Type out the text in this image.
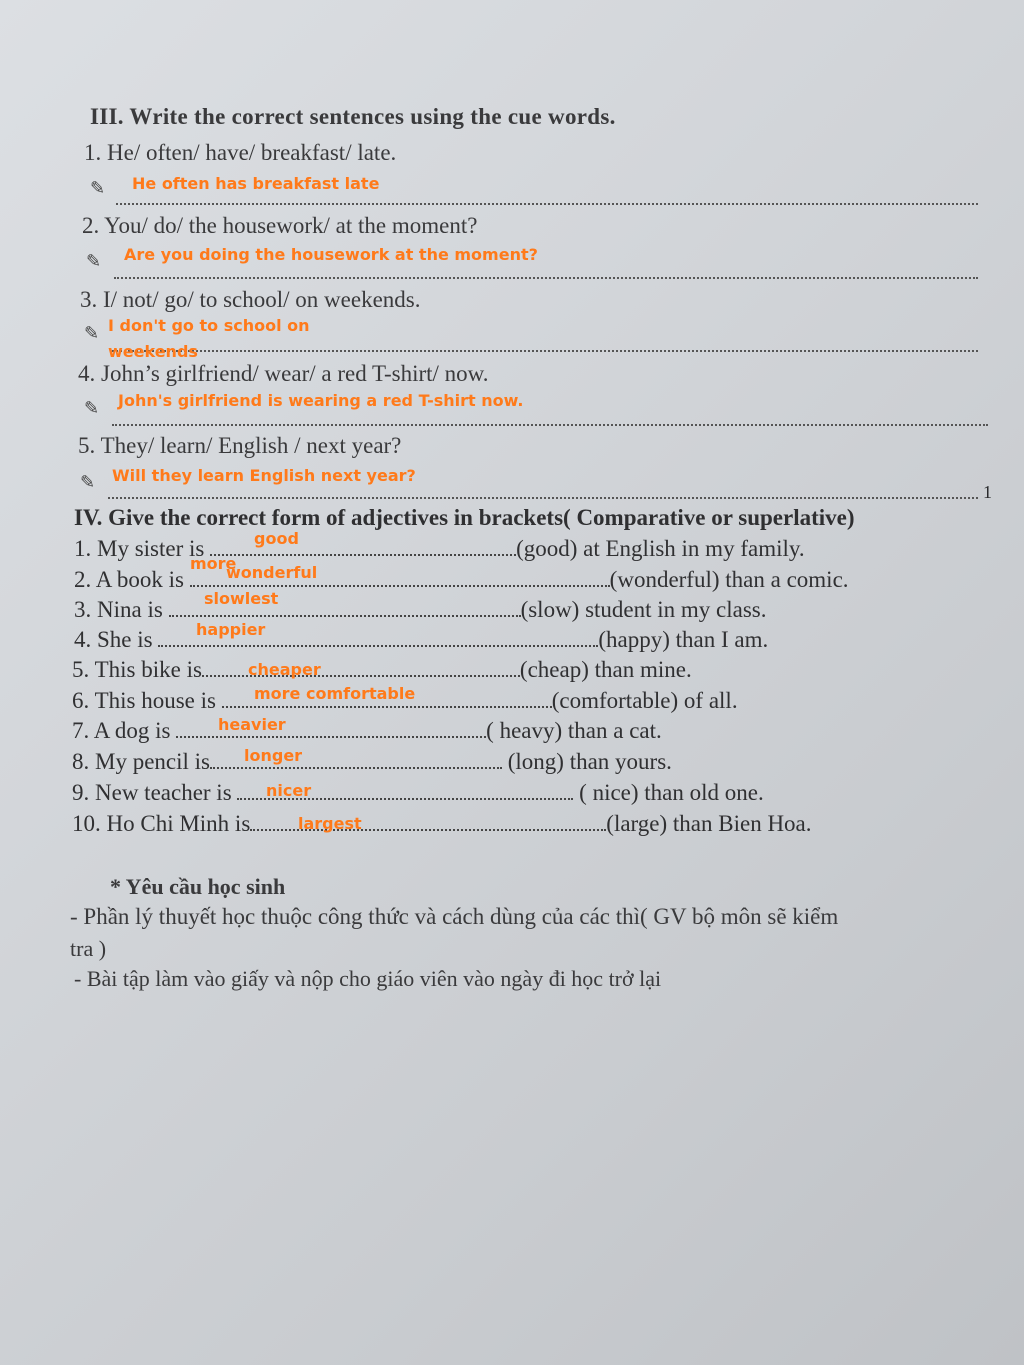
III. Write the correct sentences using the cue words.
1. He/ often/ have/ breakfast/ late.
✎ He often has breakfast late
2. You/ do/ the housework/ at the moment?
✎ Are you doing the housework at the moment?
3. I/ not/ go/ to school/ on weekends.
✎ I don't go to school on
weekends
4. John’s girlfriend/ wear/ a red T-shirt/ now.
✎ John's girlfriend is wearing a red T-shirt now.
5. They/ learn/ English / next year?
✎ Will they learn English next year?
1
IV. Give the correct form of adjectives in brackets( Comparative or superlative)
1. My sister is	(good) at English in my family.
good
2. A book is	(wonderful) than a comic.
more
wonderful
3. Nina is	(slow) student in my class.
slowlest
4. She is	(happy) than I am.
happier
5. This bike is	(cheap) than mine.
cheaper
6. This house is	(comfortable) of all.
more comfortable
7. A dog is	( heavy) than a cat.
heavier
8. My pencil is	(long) than yours.
longer
9. New teacher is	( nice) than old one.
nicer
10. Ho Chi Minh is	(large) than Bien Hoa.
largest
* Yêu cầu học sinh
- Phần lý thuyết học thuộc công thức và cách dùng của các thì( GV bộ môn sẽ kiểm
tra )
- Bài tập làm vào giấy và nộp cho giáo viên vào ngày đi học trở lại
